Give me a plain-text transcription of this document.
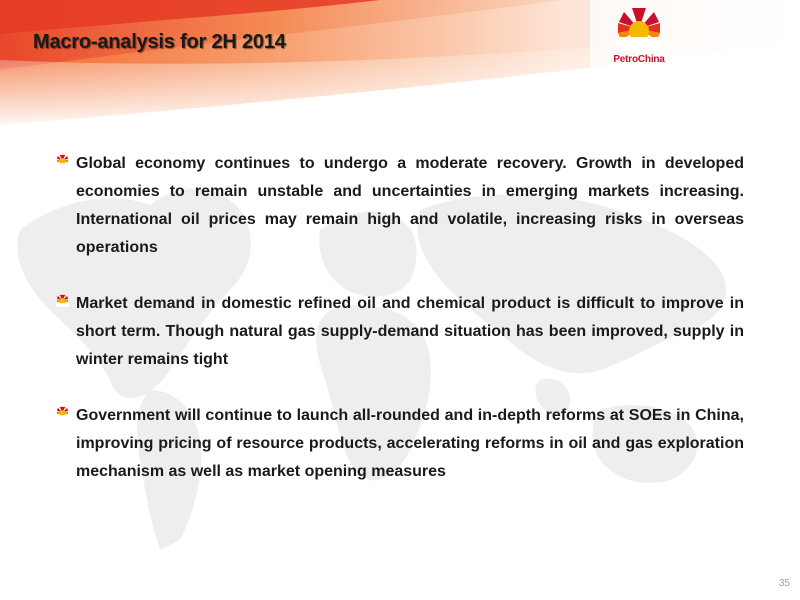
Macro-analysis for 2H 2014
PetroChina
Global economy continues to undergo a moderate recovery. Growth in developed economies to remain unstable and uncertainties in emerging markets increasing. International oil prices may remain high and volatile, increasing risks in overseas operations
Market demand in domestic refined oil and chemical product is difficult to improve in short term. Though natural gas supply-demand situation has been improved, supply in winter remains tight
Government will continue to launch all-rounded and in-depth reforms at SOEs in China, improving pricing of resource products, accelerating reforms in oil and gas exploration mechanism as well as market opening measures
35
